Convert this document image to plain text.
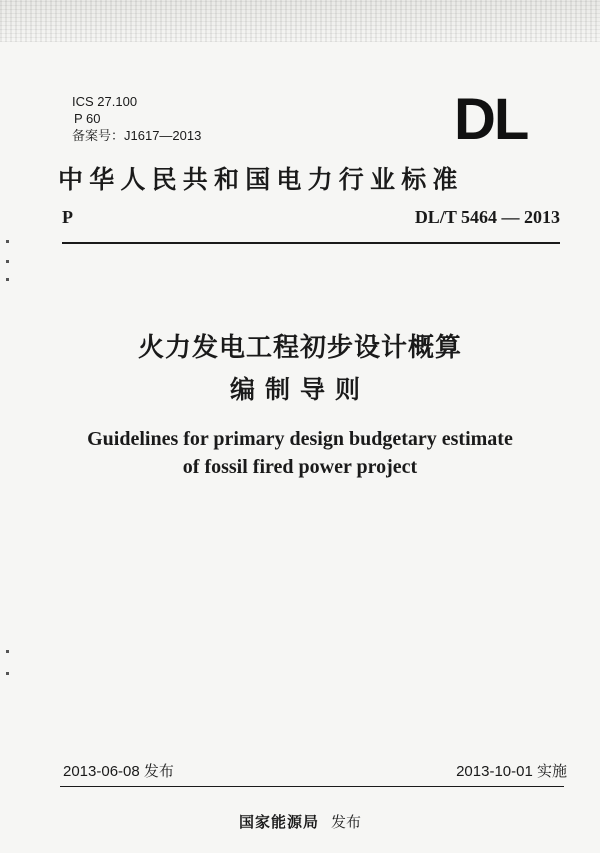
ICS 27.100
P 60
备案号：J1617—2013	DL
中华人民共和国电力行业标准
P	DL/T 5464 — 2013
火力发电工程初步设计概算
编制导则
Guidelines for primary design budgetary estimate
of fossil fired power project
2013-06-08 发布	2013-10-01 实施
国家能源局 发布
